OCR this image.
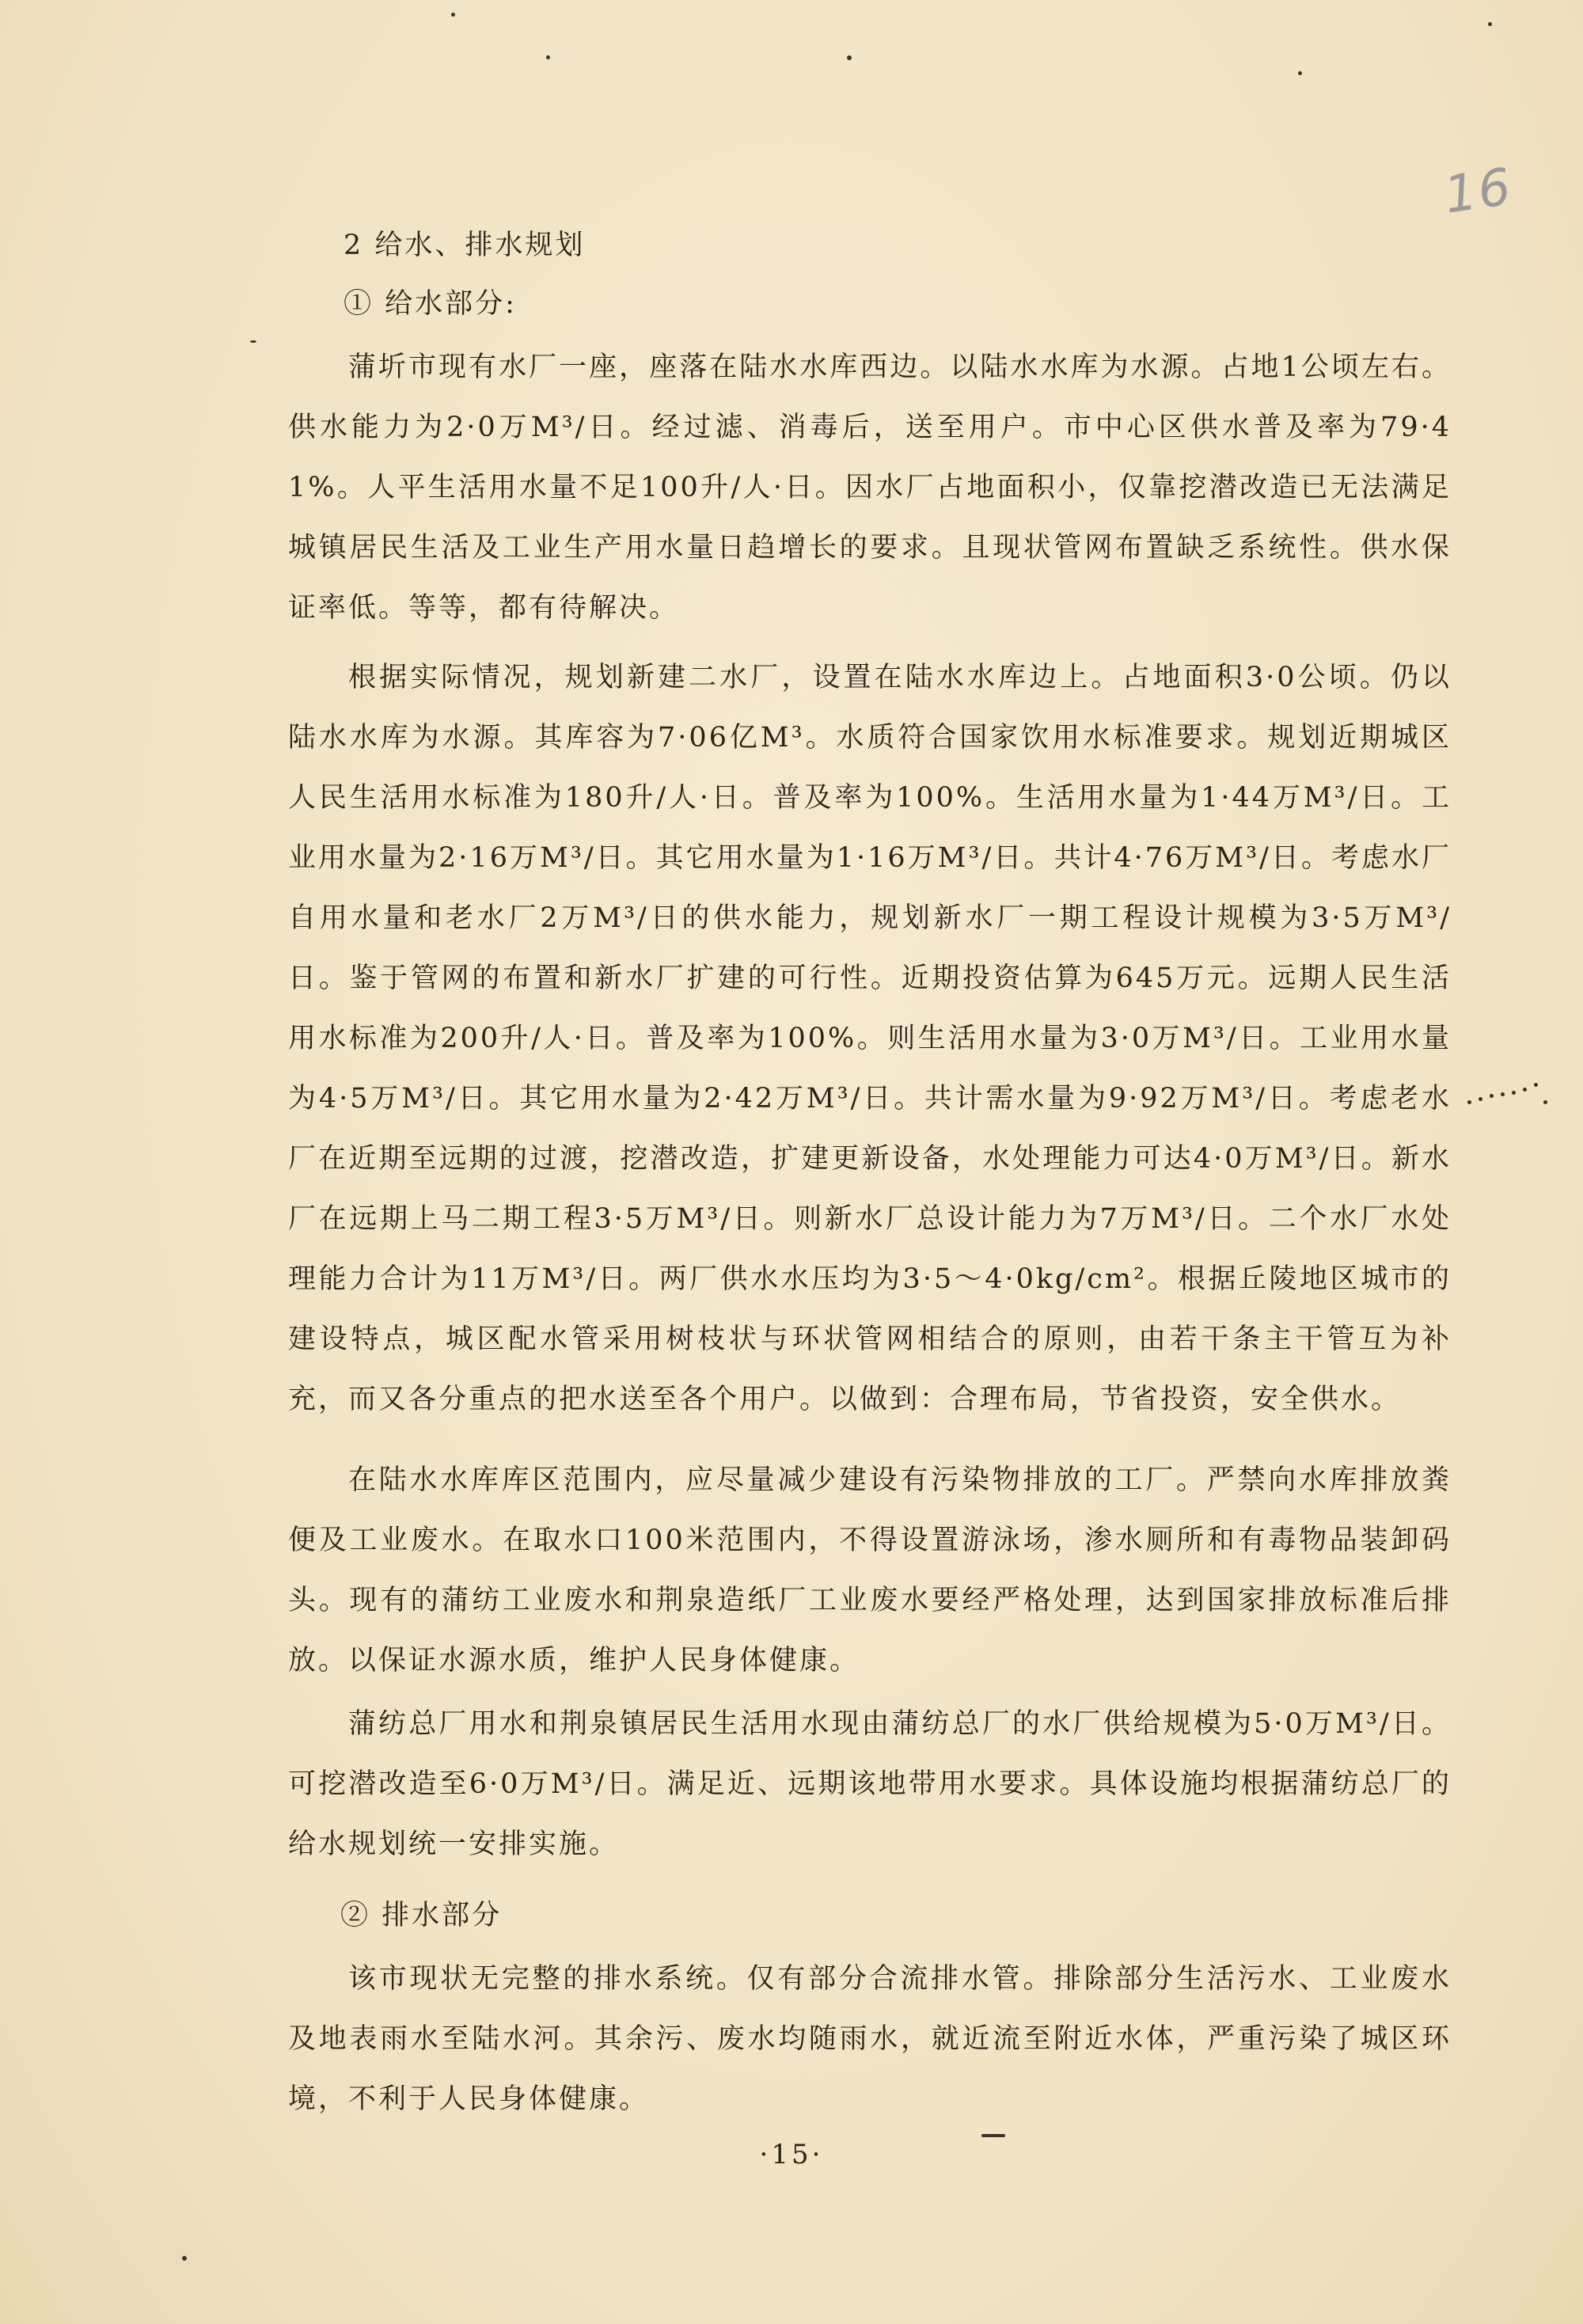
16
2 给水、排水规划
① 给水部分:

蒲圻市现有水厂一座，座落在陆水水库西边。以陆水水库为水源。占地1公顷左右。供水能力为2·0万M³/日。经过滤、消毒后，送至用户。市中心区供水普及率为79·41%。人平生活用水量不足100升/人·日。因水厂占地面积小，仅靠挖潜改造已无法满足城镇居民生活及工业生产用水量日趋增长的要求。且现状管网布置缺乏系统性。供水保证率低。等等，都有待解决。

根据实际情况，规划新建二水厂，设置在陆水水库边上。占地面积3·0公顷。仍以陆水水库为水源。其库容为7·06亿M³。水质符合国家饮用水标准要求。规划近期城区人民生活用水标准为180升/人·日。普及率为100%。生活用水量为1·44万M³/日。工业用水量为2·16万M³/日。其它用水量为1·16万M³/日。共计4·76万M³/日。考虑水厂自用水量和老水厂2万M³/日的供水能力，规划新水厂一期工程设计规模为3·5万M³/日。鉴于管网的布置和新水厂扩建的可行性。近期投资估算为645万元。远期人民生活用水标准为200升/人·日。普及率为100%。则生活用水量为3·0万M³/日。工业用水量为4·5万M³/日。其它用水量为2·42万M³/日。共计需水量为9·92万M³/日。考虑老水厂在近期至远期的过渡，挖潜改造，扩建更新设备，水处理能力可达4·0万M³/日。新水厂在远期上马二期工程3·5万M³/日。则新水厂总设计能力为7万M³/日。二个水厂水处理能力合计为11万M³/日。两厂供水水压均为3·5～4·0kg/cm²。根据丘陵地区城市的建设特点，城区配水管采用树枝状与环状管网相结合的原则，由若干条主干管互为补充，而又各分重点的把水送至各个用户。以做到：合理布局，节省投资，安全供水。

在陆水水库库区范围内，应尽量减少建设有污染物排放的工厂。严禁向水库排放粪便及工业废水。在取水口100米范围内，不得设置游泳场，渗水厕所和有毒物品装卸码头。现有的蒲纺工业废水和荆泉造纸厂工业废水要经严格处理，达到国家排放标准后排放。以保证水源水质，维护人民身体健康。

蒲纺总厂用水和荆泉镇居民生活用水现由蒲纺总厂的水厂供给规模为5·0万M³/日。可挖潜改造至6·0万M³/日。满足近、远期该地带用水要求。具体设施均根据蒲纺总厂的给水规划统一安排实施。

② 排水部分

该市现状无完整的排水系统。仅有部分合流排水管。排除部分生活污水、工业废水及地表雨水至陆水河。其余污、废水均随雨水，就近流至附近水体，严重污染了城区环境，不利于人民身体健康。

·15·
